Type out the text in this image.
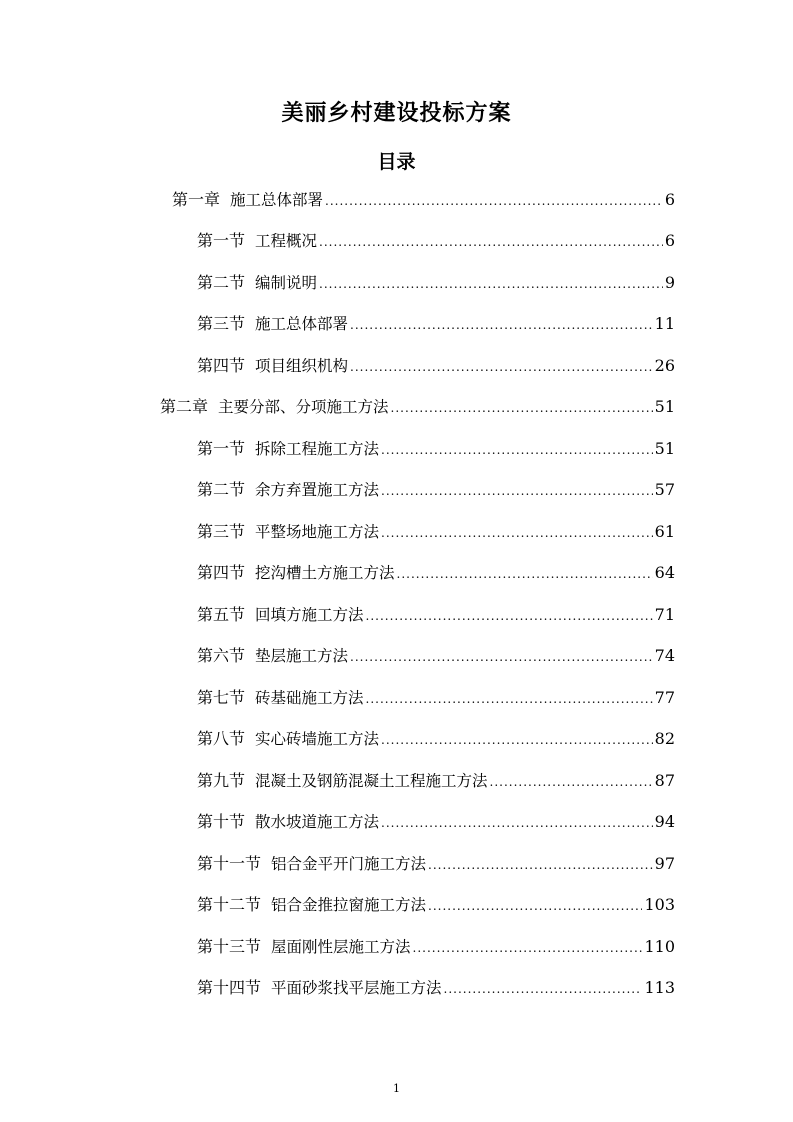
美丽乡村建设投标方案
目录
第一章 施工总体部署 .....	6
第一节 工程概况 .....	6
第二节 编制说明 .....	9
第三节 施工总体部署 .....	11
第四节 项目组织机构 .....	26
第二章 主要分部、分项施工方法 .....	51
第一节 拆除工程施工方法 .....	51
第二节 余方弃置施工方法 .....	57
第三节 平整场地施工方法 .....	61
第四节 挖沟槽土方施工方法 .....	64
第五节 回填方施工方法 .....	71
第六节 垫层施工方法 .....	74
第七节 砖基础施工方法 .....	77
第八节 实心砖墙施工方法 .....	82
第九节 混凝土及钢筋混凝土工程施工方法 .....	87
第十节 散水坡道施工方法 .....	94
第十一节 铝合金平开门施工方法 .....	97
第十二节 铝合金推拉窗施工方法 .....	103
第十三节 屋面刚性层施工方法 .....	110
第十四节 平面砂浆找平层施工方法 .....	113
1
